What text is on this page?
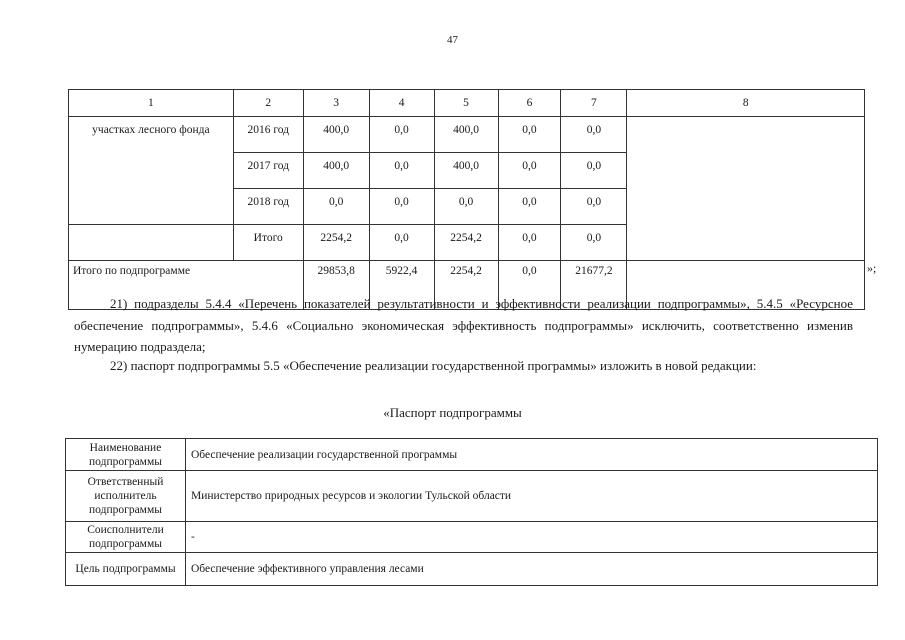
47
1	2	3	4	5	6	7	8
участках лесного фонда	2016 год	400,0	0,0	400,0	0,0	0,0	
	2017 год	400,0	0,0	400,0	0,0	0,0	
	2018 год	0,0	0,0	0,0	0,0	0,0	
	Итого	2254,2	0,0	2254,2	0,0	0,0	
Итого по подпрограмме		29853,8	5922,4	2254,2	0,0	21677,2		»;

21) подразделы 5.4.4 «Перечень показателей результативности и эффективности реализации подпрограммы», 5.4.5 «Ресурсное обеспечение подпрограммы», 5.4.6 «Социально экономическая эффективность подпрограммы» исключить, соответственно изменив нумерацию подраздела;

22) паспорт подпрограммы 5.5 «Обеспечение реализации государственной программы» изложить в новой редакции:

«Паспорт подпрограммы
Наименование подпрограммы	Обеспечение реализации государственной программы
Ответственный исполнитель подпрограммы	Министерство природных ресурсов и экологии Тульской области
Соисполнители подпрограммы	-
Цель подпрограммы	Обеспечение эффективного управления лесами
